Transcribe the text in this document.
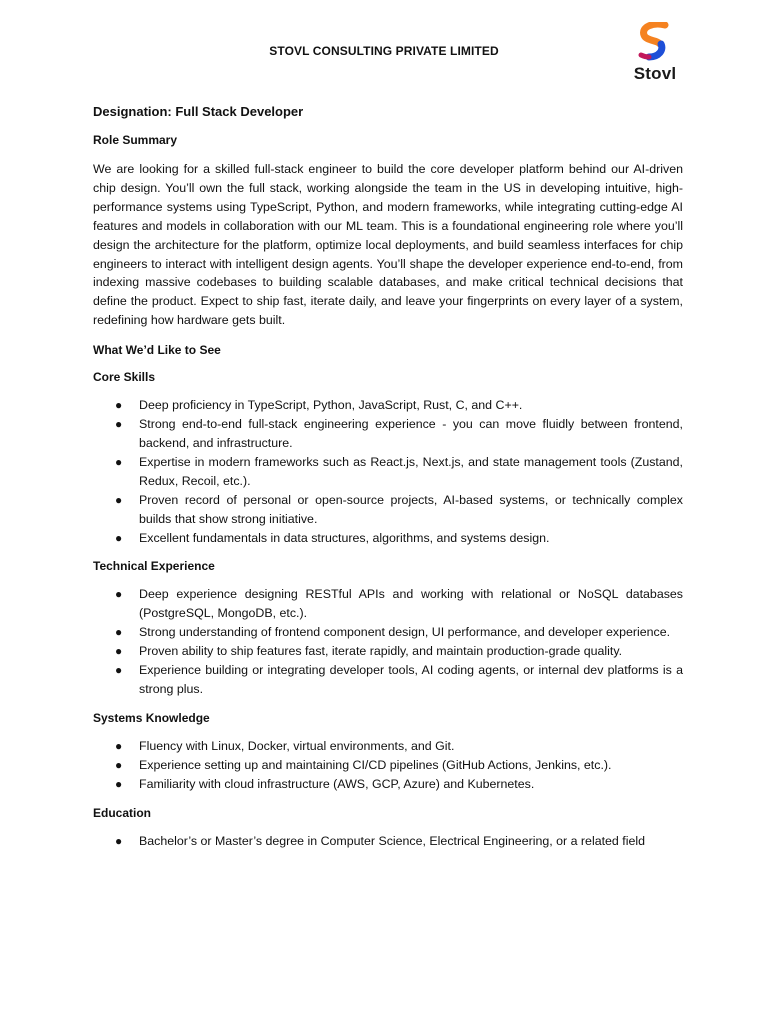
STOVL CONSULTING PRIVATE LIMITED
Stovl

Designation: Full Stack Developer

Role Summary

We are looking for a skilled full-stack engineer to build the core developer platform behind our AI-driven chip design. You’ll own the full stack, working alongside the team in the US in developing intuitive, high-performance systems using TypeScript, Python, and modern frameworks, while integrating cutting-edge AI features and models in collaboration with our ML team. This is a foundational engineering role where you’ll design the architecture for the platform, optimize local deployments, and build seamless interfaces for chip engineers to interact with intelligent design agents. You’ll shape the developer experience end-to-end, from indexing massive codebases to building scalable databases, and make critical technical decisions that define the product. Expect to ship fast, iterate daily, and leave your fingerprints on every layer of a system, redefining how hardware gets built.

What We’d Like to See

Core Skills

● Deep proficiency in TypeScript, Python, JavaScript, Rust, C, and C++.
● Strong end-to-end full-stack engineering experience - you can move fluidly between frontend, backend, and infrastructure.
● Expertise in modern frameworks such as React.js, Next.js, and state management tools (Zustand, Redux, Recoil, etc.).
● Proven record of personal or open-source projects, AI-based systems, or technically complex builds that show strong initiative.
● Excellent fundamentals in data structures, algorithms, and systems design.

Technical Experience

● Deep experience designing RESTful APIs and working with relational or NoSQL databases (PostgreSQL, MongoDB, etc.).
● Strong understanding of frontend component design, UI performance, and developer experience.
● Proven ability to ship features fast, iterate rapidly, and maintain production-grade quality.
● Experience building or integrating developer tools, AI coding agents, or internal dev platforms is a strong plus.

Systems Knowledge

● Fluency with Linux, Docker, virtual environments, and Git.
● Experience setting up and maintaining CI/CD pipelines (GitHub Actions, Jenkins, etc.).
● Familiarity with cloud infrastructure (AWS, GCP, Azure) and Kubernetes.

Education

● Bachelor’s or Master’s degree in Computer Science, Electrical Engineering, or a related field
